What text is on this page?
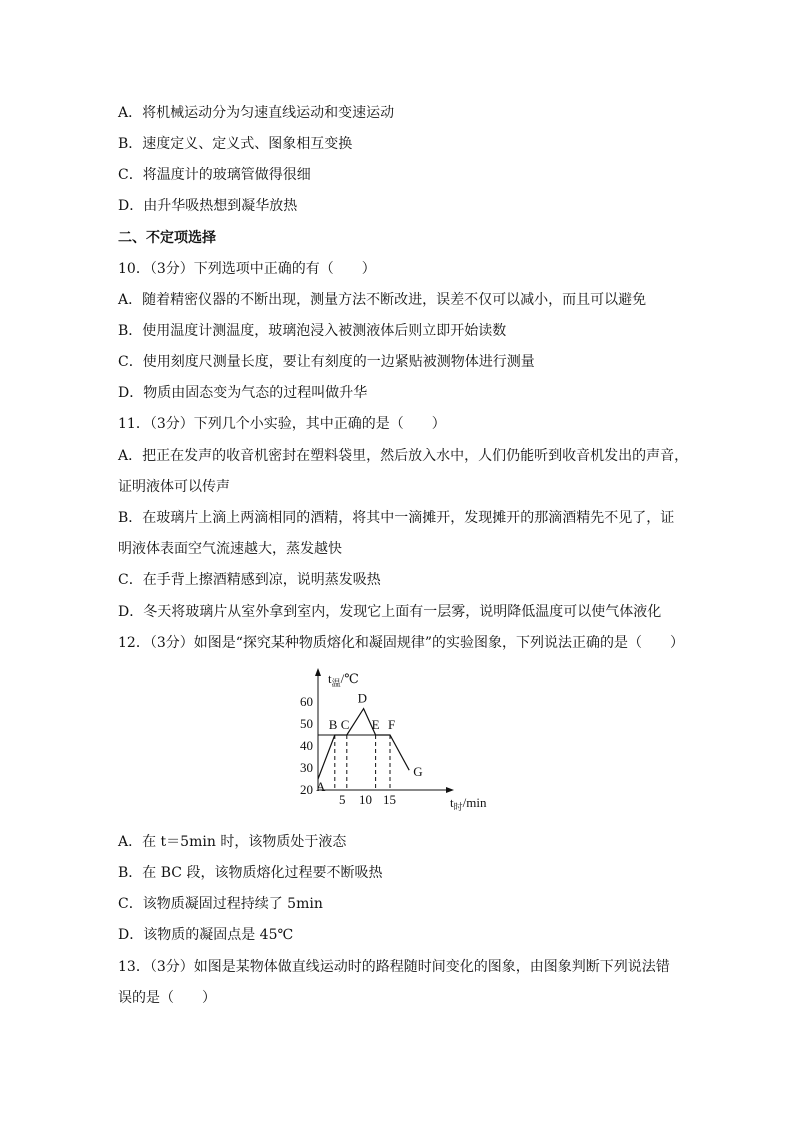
A．将机械运动分为匀速直线运动和变速运动
B．速度定义、定义式、图象相互变换
C．将温度计的玻璃管做得很细
D．由升华吸热想到凝华放热
二、不定项选择
10．（3分）下列选项中正确的有（　　）
A．随着精密仪器的不断出现，测量方法不断改进，误差不仅可以减小，而且可以避免
B．使用温度计测温度，玻璃泡浸入被测液体后则立即开始读数
C．使用刻度尺测量长度，要让有刻度的一边紧贴被测物体进行测量
D．物质由固态变为气态的过程叫做升华
11．（3分）下列几个小实验，其中正确的是（　　）
A．把正在发声的收音机密封在塑料袋里，然后放入水中，人们仍能听到收音机发出的声音，
证明液体可以传声
B．在玻璃片上滴上两滴相同的酒精，将其中一滴摊开，发现摊开的那滴酒精先不见了，证
明液体表面空气流速越大，蒸发越快
C．在手背上擦酒精感到凉，说明蒸发吸热
D．冬天将玻璃片从室外拿到室内，发现它上面有一层雾，说明降低温度可以使气体液化
12．（3分）如图是“探究某种物质熔化和凝固规律”的实验图象，下列说法正确的是（　　）
20
30
40
50
60
5 10 15
$t_温/℃$
$t_时/\min$
A
B C
D
E F
G
A．在 t＝5min 时，该物质处于液态
B．在 BC 段，该物质熔化过程要不断吸热
C．该物质凝固过程持续了 5min
D．该物质的凝固点是 45℃
13．（3分）如图是某物体做直线运动时的路程随时间变化的图象，由图象判断下列说法错
误的是（　　）
